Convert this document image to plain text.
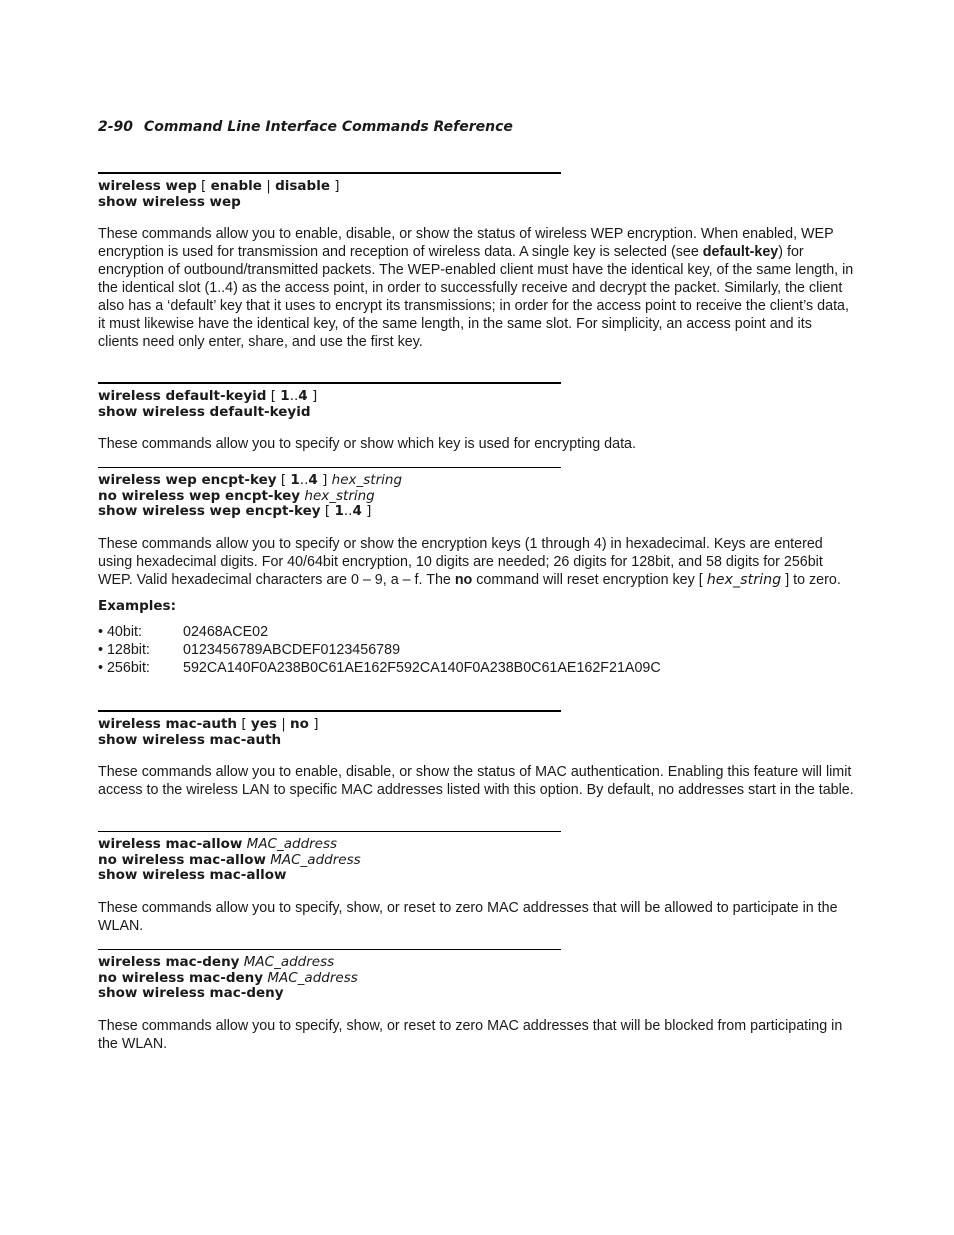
2-90 Command Line Interface Commands Reference
wireless wep [ enable | disable ]
show wireless wep

These commands allow you to enable, disable, or show the status of wireless WEP encryption. When enabled, WEP encryption is used for transmission and reception of wireless data. A single key is selected (see default-key) for encryption of outbound/transmitted packets. The WEP-enabled client must have the identical key, of the same length, in the identical slot (1..4) as the access point, in order to successfully receive and decrypt the packet. Similarly, the client also has a ‘default’ key that it uses to encrypt its transmissions; in order for the access point to receive the client’s data, it must likewise have the identical key, of the same length, in the same slot. For simplicity, an access point and its clients need only enter, share, and use the first key.

wireless default-keyid [ 1..4 ]
show wireless default-keyid

These commands allow you to specify or show which key is used for encrypting data.

wireless wep encpt-key [ 1..4 ] hex_string
no wireless wep encpt-key hex_string
show wireless wep encpt-key [ 1..4 ]

These commands allow you to specify or show the encryption keys (1 through 4) in hexadecimal. Keys are entered using hexadecimal digits. For 40/64bit encryption, 10 digits are needed; 26 digits for 128bit, and 58 digits for 256bit WEP. Valid hexadecimal characters are 0 – 9, a – f. The no command will reset encryption key [ hex_string ] to zero.

Examples:
• 40bit:	02468ACE02
• 128bit:	0123456789ABCDEF0123456789
• 256bit:	592CA140F0A238B0C61AE162F592CA140F0A238B0C61AE162F21A09C
wireless mac-auth [ yes | no ]
show wireless mac-auth

These commands allow you to enable, disable, or show the status of MAC authentication. Enabling this feature will limit access to the wireless LAN to specific MAC addresses listed with this option. By default, no addresses start in the table.

wireless mac-allow MAC_address
no wireless mac-allow MAC_address
show wireless mac-allow

These commands allow you to specify, show, or reset to zero MAC addresses that will be allowed to participate in the WLAN.

wireless mac-deny MAC_address
no wireless mac-deny MAC_address
show wireless mac-deny

These commands allow you to specify, show, or reset to zero MAC addresses that will be blocked from participating in the WLAN.
